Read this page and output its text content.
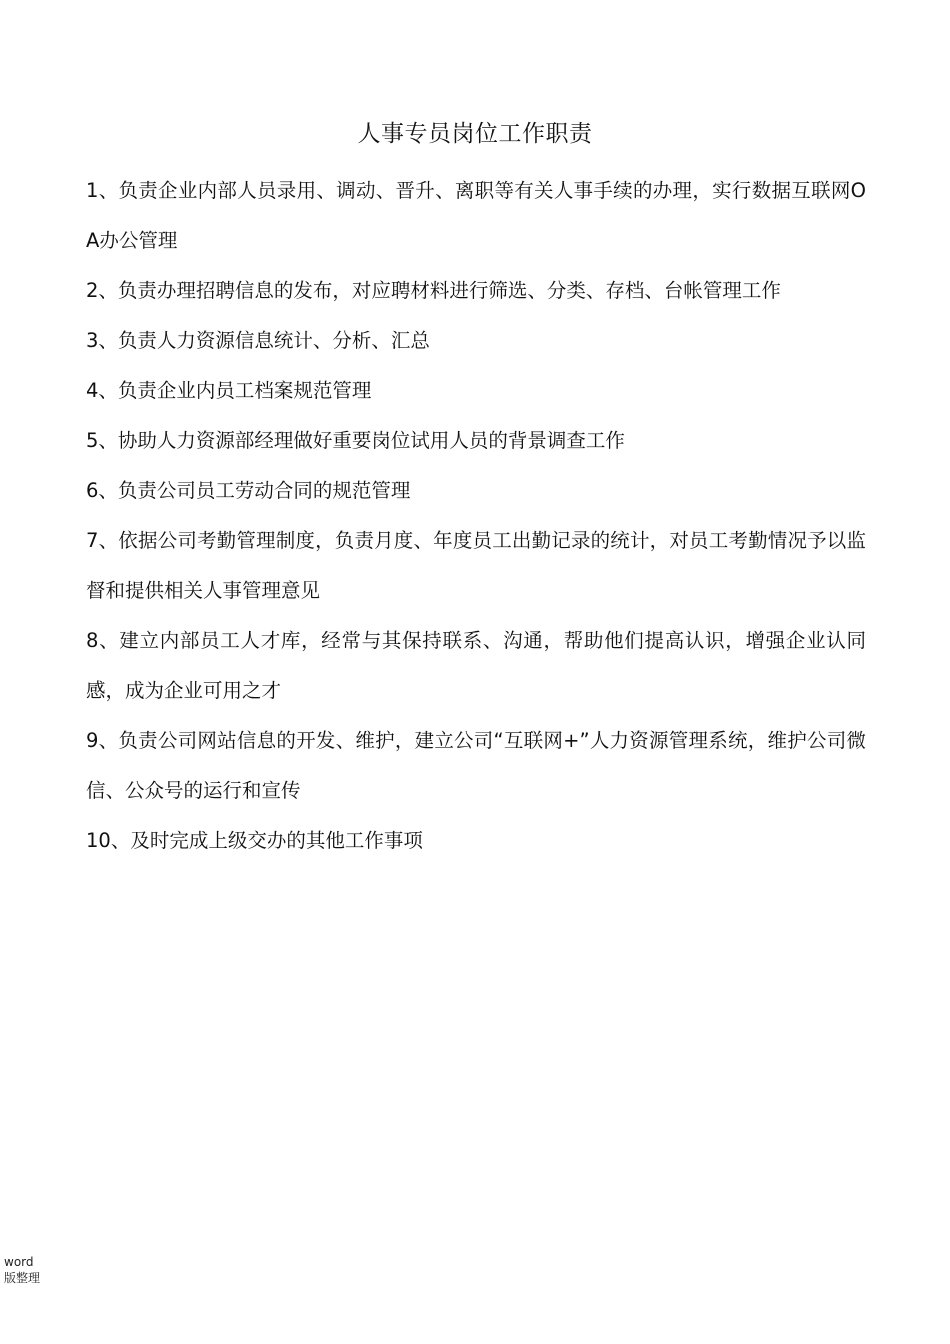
人事专员岗位工作职责
1、负责企业内部人员录用、调动、晋升、离职等有关人事手续的办理，实行数据互联网OA办公管理
2、负责办理招聘信息的发布，对应聘材料进行筛选、分类、存档、台帐管理工作
3、负责人力资源信息统计、分析、汇总
4、负责企业内员工档案规范管理
5、协助人力资源部经理做好重要岗位试用人员的背景调查工作
6、负责公司员工劳动合同的规范管理
7、依据公司考勤管理制度，负责月度、年度员工出勤记录的统计，对员工考勤情况予以监督和提供相关人事管理意见
8、建立内部员工人才库，经常与其保持联系、沟通，帮助他们提高认识，增强企业认同感，成为企业可用之才
9、负责公司网站信息的开发、维护，建立公司“互联网+”人力资源管理系统，维护公司微信、公众号的运行和宣传
10、及时完成上级交办的其他工作事项
word
版整理
